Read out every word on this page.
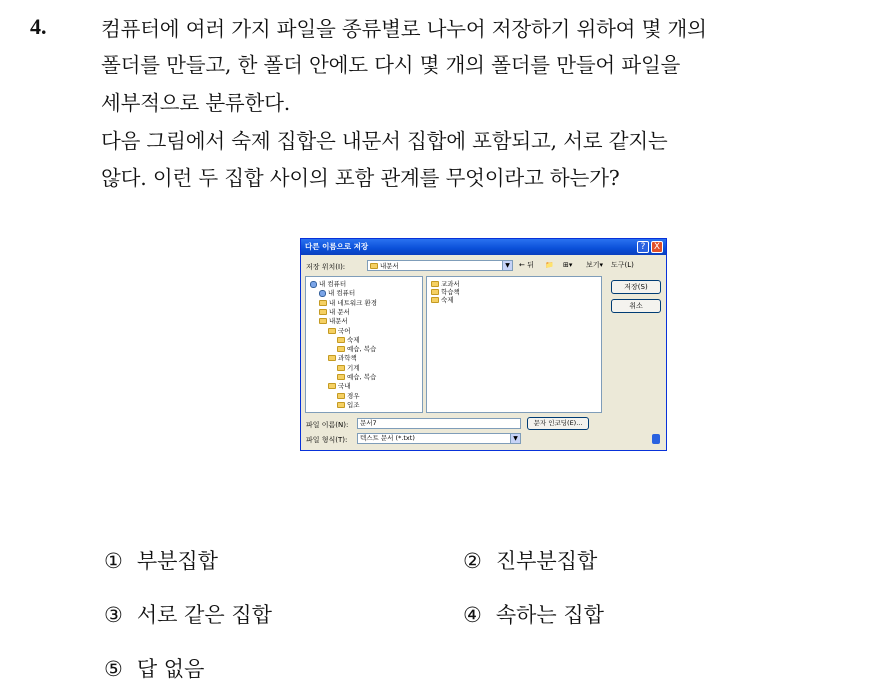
4.	컴퓨터에 여러 가지 파일을 종류별로 나누어 저장하기 위하여 몇 개의
폴더를 만들고, 한 폴더 안에도 다시 몇 개의 폴더를 만들어 파일을
세부적으로 분류한다.
다음 그림에서 숙제 집합은 내문서 집합에 포함되고, 서로 같지는
않다. 이런 두 집합 사이의 포함 관계를 무엇이라고 하는가?
다른 이름으로 저장	? X
저장 위치(I):	내문서	▼	← 뒤 📁 ⊞▾ 보기▾ 도구(L)
내 컴퓨터
내 컴퓨터
내 네트워크 환경
내 문서
내문서
국어
숙제
예습, 복습
과학책
기계
예습, 복습
국내
경우
입조
교과서
학습책
숙제
저장(S)
취소
파일 이름(N):	문서7	문자 인코딩(E)...
파일 형식(T):	텍스트 문서 (*.txt)	▼
① 부분집합	② 진부분집합
③ 서로 같은 집합	④ 속하는 집합
⑤ 답 없음
